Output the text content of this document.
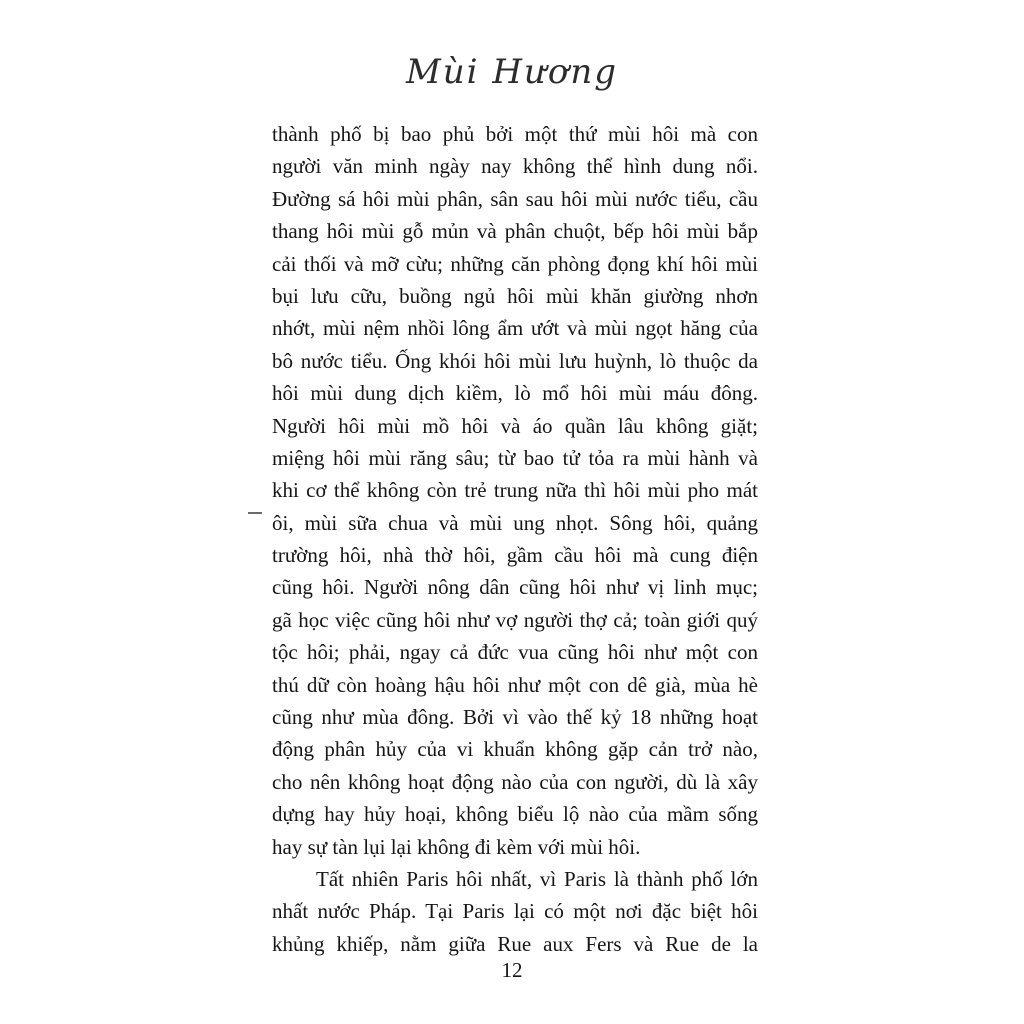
Mùi Hương
thành phố bị bao phủ bởi một thứ mùi hôi mà con
người văn minh ngày nay không thể hình dung nổi.
Đường sá hôi mùi phân, sân sau hôi mùi nước tiểu, cầu
thang hôi mùi gỗ mủn và phân chuột, bếp hôi mùi bắp
cải thối và mỡ cừu; những căn phòng đọng khí hôi mùi
bụi lưu cữu, buồng ngủ hôi mùi khăn giường nhơn
nhớt, mùi nệm nhồi lông ẩm ướt và mùi ngọt hăng của
bô nước tiểu. Ống khói hôi mùi lưu huỳnh, lò thuộc da
hôi mùi dung dịch kiềm, lò mổ hôi mùi máu đông.
Người hôi mùi mồ hôi và áo quần lâu không giặt;
miệng hôi mùi răng sâu; từ bao tử tỏa ra mùi hành và
khi cơ thể không còn trẻ trung nữa thì hôi mùi pho mát
ôi, mùi sữa chua và mùi ung nhọt. Sông hôi, quảng
trường hôi, nhà thờ hôi, gầm cầu hôi mà cung điện
cũng hôi. Người nông dân cũng hôi như vị linh mục;
gã học việc cũng hôi như vợ người thợ cả; toàn giới quý
tộc hôi; phải, ngay cả đức vua cũng hôi như một con
thú dữ còn hoàng hậu hôi như một con dê già, mùa hè
cũng như mùa đông. Bởi vì vào thế kỷ 18 những hoạt
động phân hủy của vi khuẩn không gặp cản trở nào,
cho nên không hoạt động nào của con người, dù là xây
dựng hay hủy hoại, không biểu lộ nào của mầm sống
hay sự tàn lụi lại không đi kèm với mùi hôi.
Tất nhiên Paris hôi nhất, vì Paris là thành phố lớn
nhất nước Pháp. Tại Paris lại có một nơi đặc biệt hôi
khủng khiếp, nằm giữa Rue aux Fers và Rue de la
12
